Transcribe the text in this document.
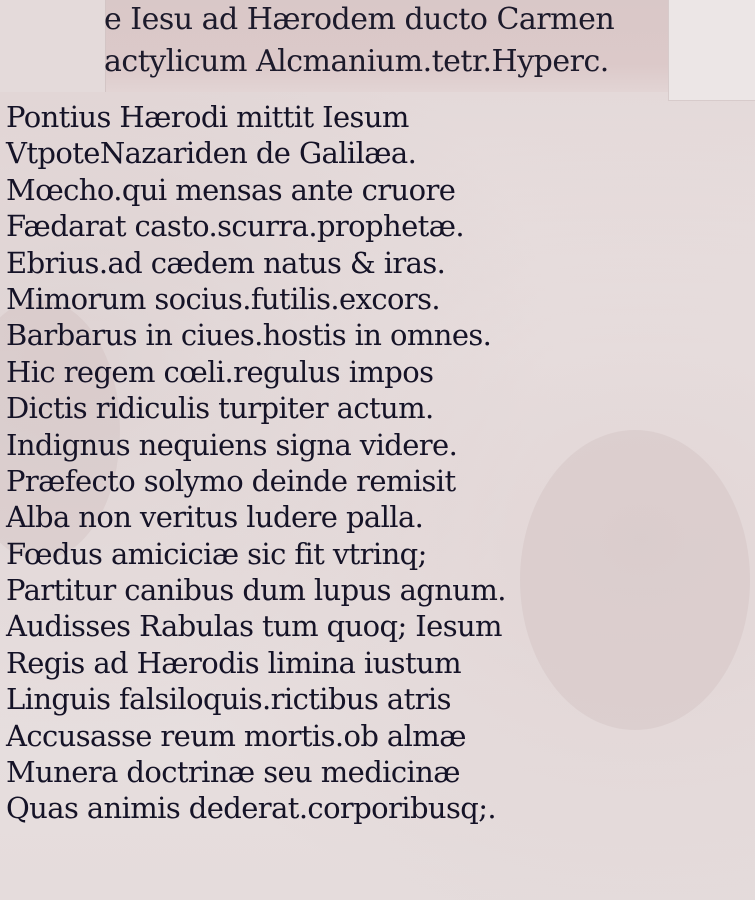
e Iesu ad Hærodem ducto Carmen
actylicum Alcmanium.tetr.Hyperc.
Pontius Hærodi mittit Iesum
VtpoteNazariden de Galilæa.
Mœcho.qui mensas ante cruore
Fædarat casto.scurra.prophetæ.
Ebrius.ad cædem natus & iras.
Mimorum socius.futilis.excors.
Barbarus in ciues.hostis in omnes.
Hic regem cœli.regulus impos
Dictis ridiculis turpiter actum.
Indignus nequiens signa videre.
Præfecto solymo deinde remisit
Alba non veritus ludere palla.
Fœdus amiciciæ sic fit vtrinq;
Partitur canibus dum lupus agnum.
Audisses Rabulas tum quoq; Iesum
Regis ad Hærodis limina iustum
Linguis falsiloquis.rictibus atris
Accusasse reum mortis.ob almæ
Munera doctrinæ seu medicinæ
Quas animis dederat.corporibusq;.
